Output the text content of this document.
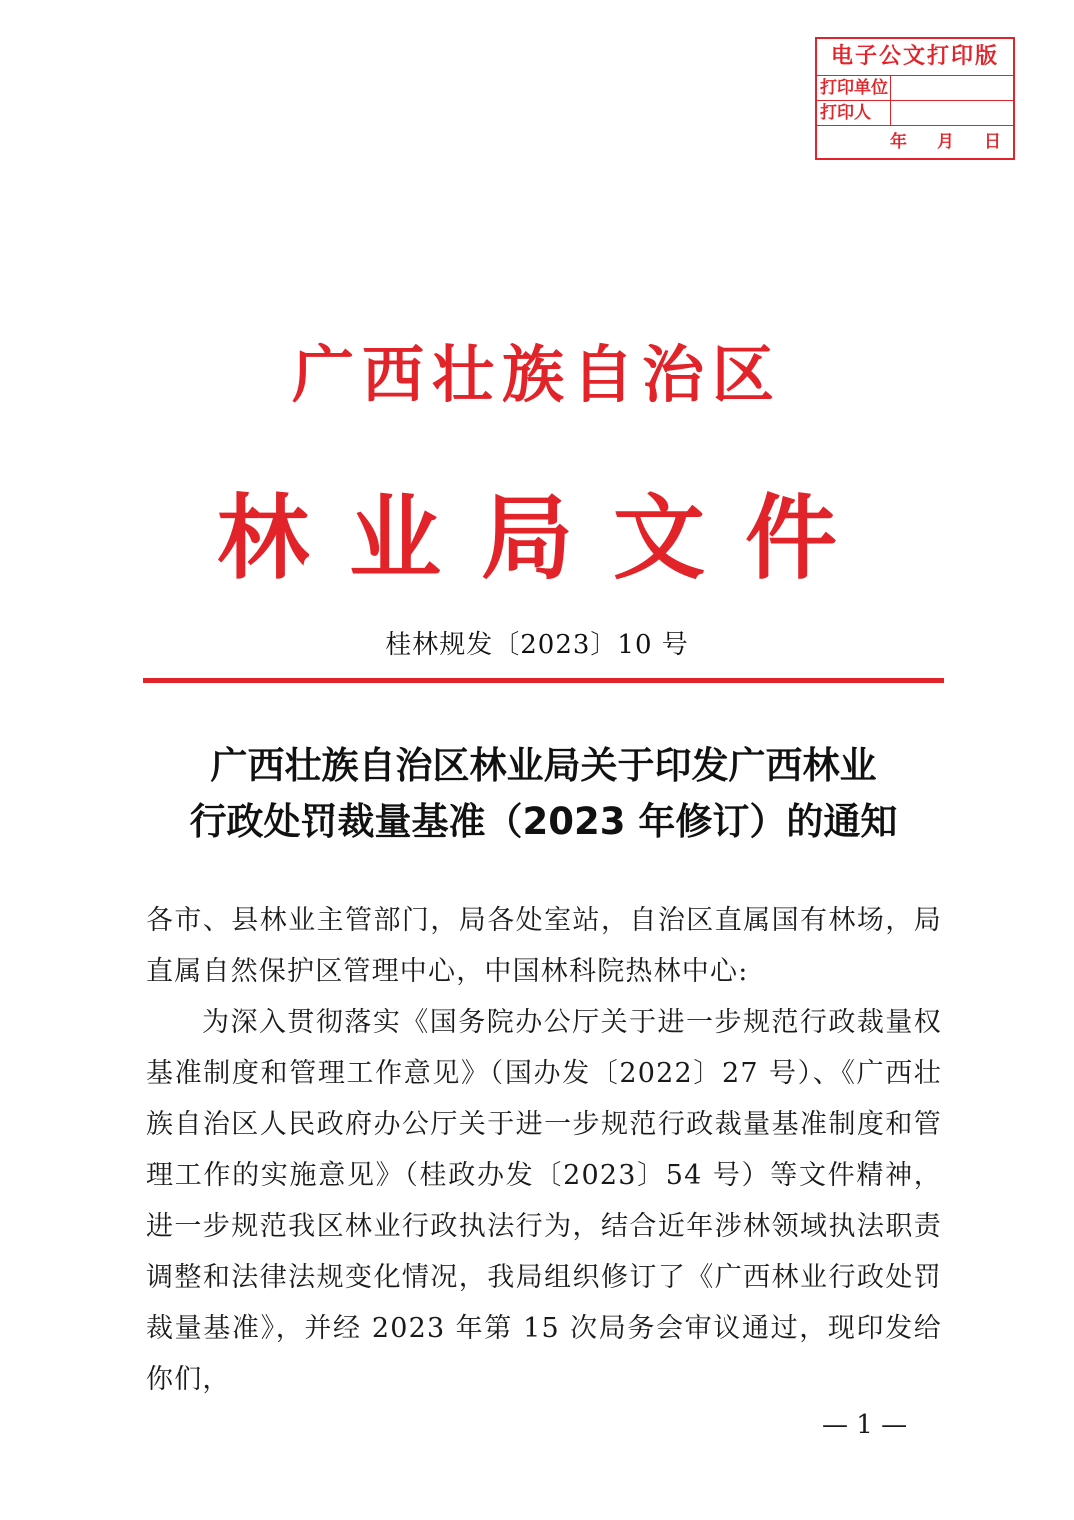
电子公文打印版
打印单位
打印人
年 月 日
广西壮族自治区
林业局文件
桂林规发〔2023〕10 号
广西壮族自治区林业局关于印发广西林业
行政处罚裁量基准（2023 年修订）的通知

各市、县林业主管部门，局各处室站，自治区直属国有林场，局直属自然保护区管理中心，中国林科院热林中心:

为深入贯彻落实《国务院办公厅关于进一步规范行政裁量权基准制度和管理工作意见》（国办发〔2022〕27 号）、《广西壮族自治区人民政府办公厅关于进一步规范行政裁量基准制度和管理工作的实施意见》（桂政办发〔2023〕54 号）等文件精神，进一步规范我区林业行政执法行为，结合近年涉林领域执法职责调整和法律法规变化情况，我局组织修订了《广西林业行政处罚裁量基准》，并经 2023 年第 15 次局务会审议通过，现印发给你们，

— 1 —
